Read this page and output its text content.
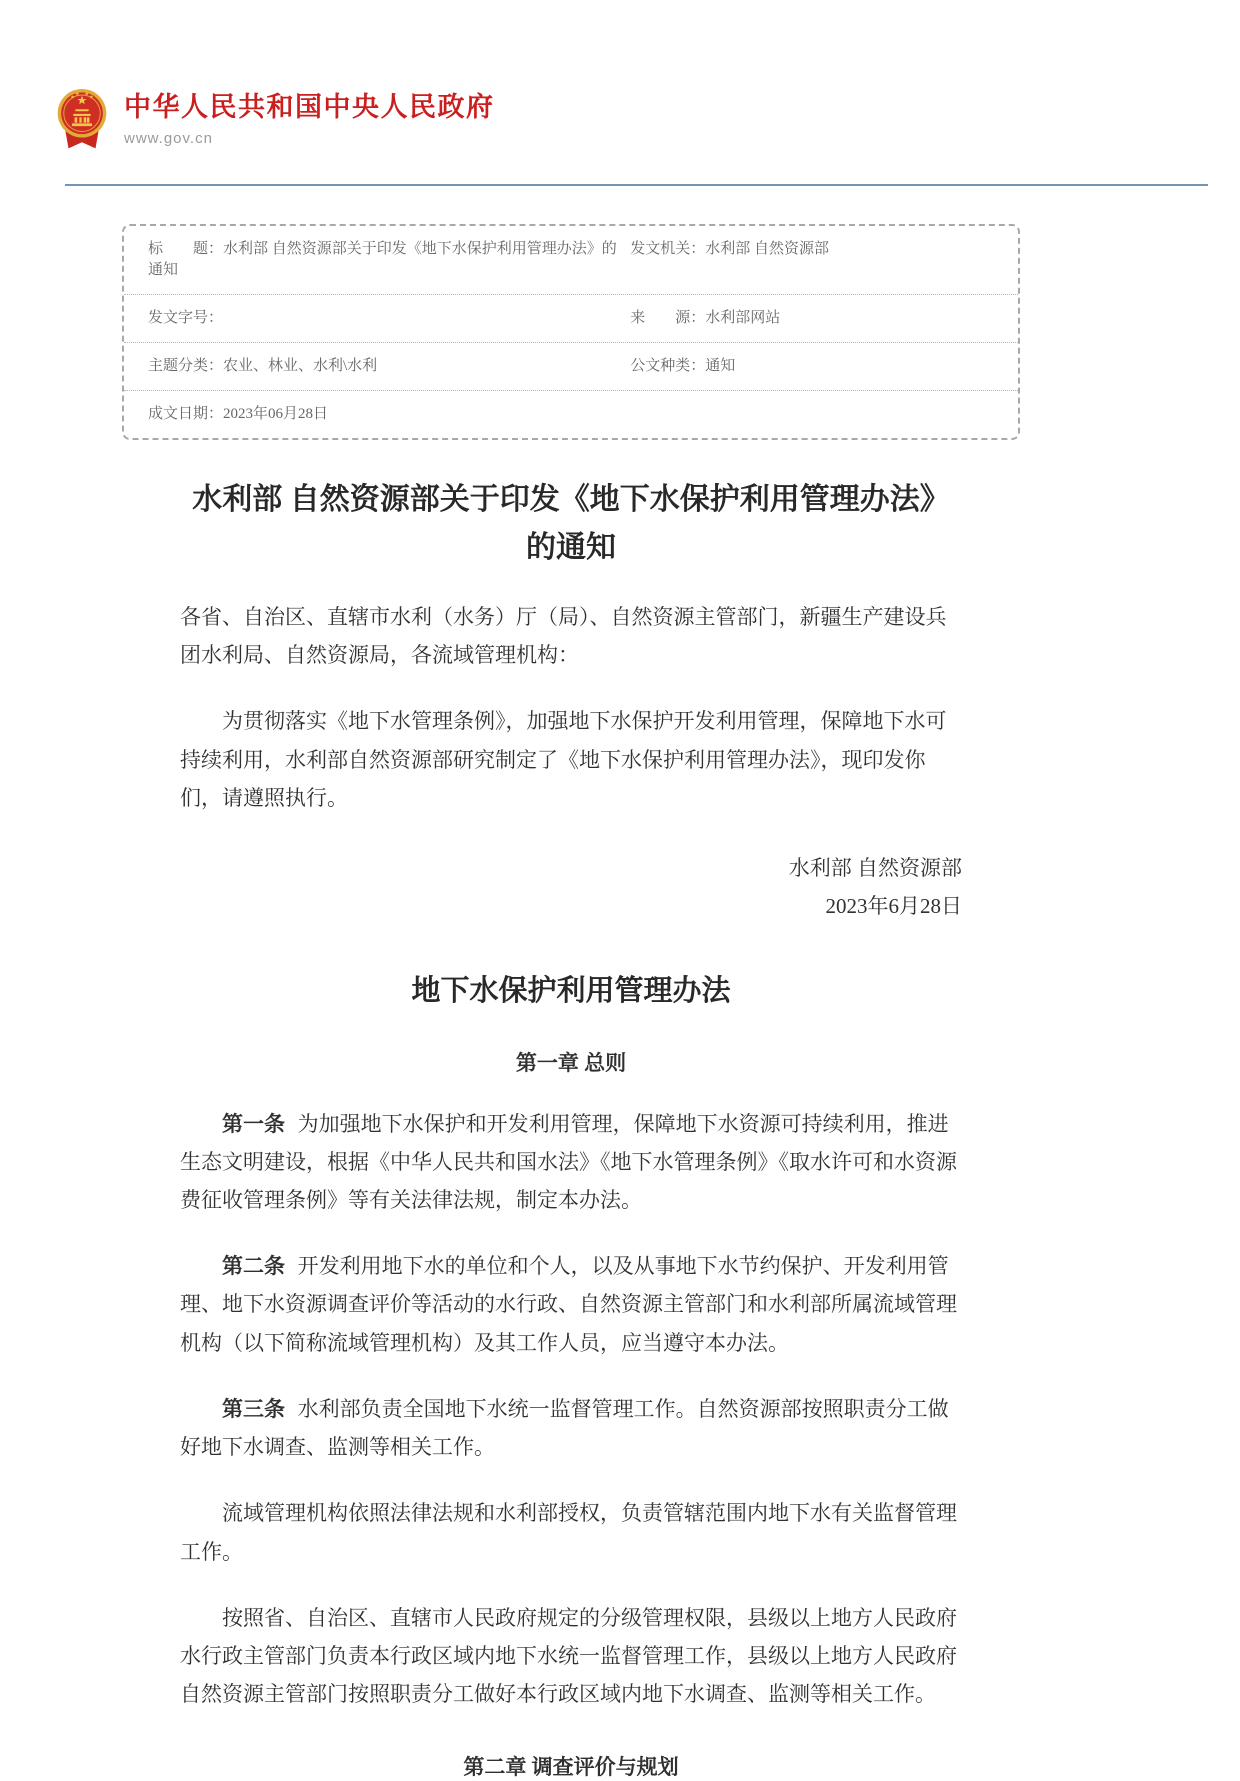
中华人民共和国中央人民政府
www.gov.cn
标　　题：水利部 自然资源部关于印发《地下水保护利用管理办法》的通知
发文机关：水利部 自然资源部
发文字号：	来　　源：水利部网站
主题分类：农业、林业、水利\水利	公文种类：通知
成文日期：2023年06月28日
水利部 自然资源部关于印发《地下水保护利用管理办法》的通知

各省、自治区、直辖市水利（水务）厅（局）、自然资源主管部门，新疆生产建设兵团水利局、自然资源局，各流域管理机构：

为贯彻落实《地下水管理条例》，加强地下水保护开发利用管理，保障地下水可持续利用，水利部自然资源部研究制定了《地下水保护利用管理办法》，现印发你们，请遵照执行。

水利部 自然资源部

2023年6月28日

地下水保护利用管理办法
第一章 总则

第一条 为加强地下水保护和开发利用管理，保障地下水资源可持续利用，推进生态文明建设，根据《中华人民共和国水法》《地下水管理条例》《取水许可和水资源费征收管理条例》等有关法律法规，制定本办法。

第二条 开发利用地下水的单位和个人，以及从事地下水节约保护、开发利用管理、地下水资源调查评价等活动的水行政、自然资源主管部门和水利部所属流域管理机构（以下简称流域管理机构）及其工作人员，应当遵守本办法。

第三条 水利部负责全国地下水统一监督管理工作。自然资源部按照职责分工做好地下水调查、监测等相关工作。

流域管理机构依照法律法规和水利部授权，负责管辖范围内地下水有关监督管理工作。

按照省、自治区、直辖市人民政府规定的分级管理权限，县级以上地方人民政府水行政主管部门负责本行政区域内地下水统一监督管理工作，县级以上地方人民政府自然资源主管部门按照职责分工做好本行政区域内地下水调查、监测等相关工作。

第二章 调查评价与规划
